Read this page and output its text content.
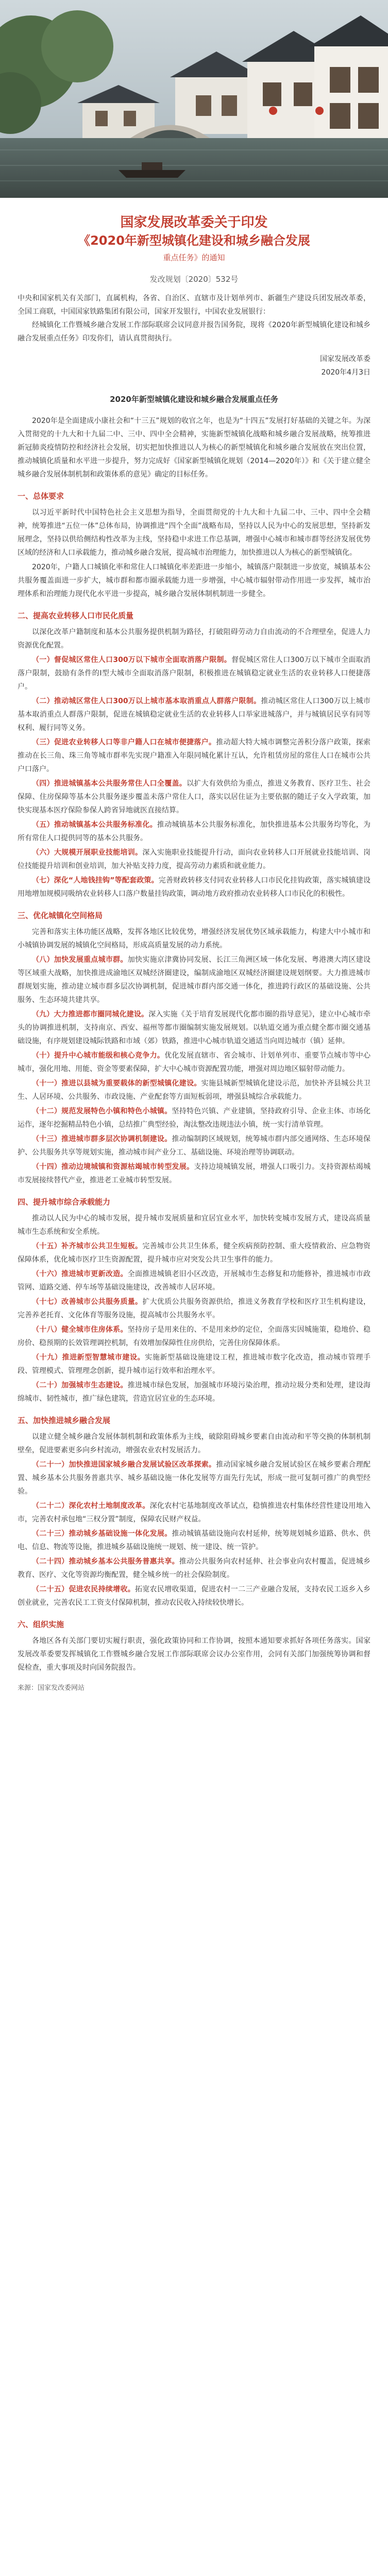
国家发展改革委关于印发
《2020年新型城镇化建设和城乡融合发展
重点任务》的通知
发改规划〔2020〕532号

中央和国家机关有关部门，直属机构，各省、自治区、直辖市及计划单列市、新疆生产建设兵团发展改革委，全国工商联，中国国家铁路集团有限公司，国家开发银行，中国农业发展银行：

经城镇化工作暨城乡融合发展工作部际联席会议同意并报告国务院，现将《2020年新型城镇化建设和城乡融合发展重点任务》印发你们，请认真贯彻执行。

国家发展改革委

2020年4月3日

2020年新型城镇化建设和城乡融合发展重点任务

2020年是全面建成小康社会和“十三五”规划的收官之年，也是为“十四五”发展打好基础的关键之年。为深入贯彻党的十九大和十九届二中、三中、四中全会精神，实施新型城镇化战略和城乡融合发展战略，统筹推进新冠肺炎疫情防控和经济社会发展，切实把加快推进以人为核心的新型城镇化和城乡融合发展放在突出位置，推动城镇化质量和水平进一步提升，努力完成好《国家新型城镇化规划（2014—2020年）》和《关于建立健全城乡融合发展体制机制和政策体系的意见》确定的目标任务。

一、总体要求

以习近平新时代中国特色社会主义思想为指导，全面贯彻党的十九大和十九届二中、三中、四中全会精神，统筹推进“五位一体”总体布局，协调推进“四个全面”战略布局，坚持以人民为中心的发展思想，坚持新发展理念，坚持以供给侧结构性改革为主线，坚持稳中求进工作总基调，增强中心城市和城市群等经济发展优势区域的经济和人口承载能力，推动城乡融合发展，提高城市治理能力，加快推进以人为核心的新型城镇化。

2020年，户籍人口城镇化率和常住人口城镇化率差距进一步缩小，城镇落户限制进一步放宽，城镇基本公共服务覆盖面进一步扩大，城市群和都市圈承载能力进一步增强，中心城市辐射带动作用进一步发挥，城市治理体系和治理能力现代化水平进一步提高，城乡融合发展体制机制进一步健全。

二、提高农业转移人口市民化质量

以深化改革户籍制度和基本公共服务提供机制为路径，打破阻碍劳动力自由流动的不合理壁垒，促进人力资源优化配置。

（一）督促城区常住人口300万以下城市全面取消落户限制。督促城区常住人口300万以下城市全面取消落户限制，鼓励有条件的I型大城市全面取消落户限制，积极推进在城镇稳定就业生活的农业转移人口便捷落户。

（二）推动城区常住人口300万以上城市基本取消重点人群落户限制。推动城区常住人口300万以上城市基本取消重点人群落户限制，促进在城镇稳定就业生活的农业转移人口举家进城落户，并与城镇居民享有同等权利、履行同等义务。

（三）促进农业转移人口等非户籍人口在城市便捷落户。推动超大特大城市调整完善积分落户政策，探索推动在长三角、珠三角等城市群率先实现户籍准入年限同城化累计互认，允许租赁房屋的常住人口在城市公共户口落户。

（四）推进城镇基本公共服务常住人口全覆盖。以扩大有效供给为重点，推进义务教育、医疗卫生、社会保障、住房保障等基本公共服务逐步覆盖未落户常住人口，落实以居住证为主要依据的随迁子女入学政策，加快实现基本医疗保险参保人跨省异地就医直接结算。

（五）推动城镇基本公共服务标准化。推动城镇基本公共服务标准化，加快推进基本公共服务均等化，为所有常住人口提供同等的基本公共服务。

（六）大规模开展职业技能培训。深入实施职业技能提升行动，面向农业转移人口开展就业技能培训、岗位技能提升培训和创业培训，加大补贴支持力度，提高劳动力素质和就业能力。

（七）深化“人地钱挂钩”等配套政策。完善财政转移支付同农业转移人口市民化挂钩政策，落实城镇建设用地增加规模同吸纳农业转移人口落户数量挂钩政策，调动地方政府推动农业转移人口市民化的积极性。

三、优化城镇化空间格局

完善和落实主体功能区战略，发挥各地区比较优势，增强经济发展优势区域承载能力，构建大中小城市和小城镇协调发展的城镇化空间格局，形成高质量发展的动力系统。

（八）加快发展重点城市群。加快实施京津冀协同发展、长江三角洲区域一体化发展、粤港澳大湾区建设等区域重大战略，加快推进成渝地区双城经济圈建设，编制成渝地区双城经济圈建设规划纲要。大力推进城市群规划实施，推动建立城市群多层次协调机制，促进城市群内部交通一体化，推进跨行政区的基础设施、公共服务、生态环境共建共享。

（九）大力推进都市圈同城化建设。深入实施《关于培育发展现代化都市圈的指导意见》，建立中心城市牵头的协调推进机制，支持南京、西安、福州等都市圈编制实施发展规划。以轨道交通为重点健全都市圈交通基础设施，有序规划建设城际铁路和市域（郊）铁路，推进中心城市轨道交通适当向周边城市（镇）延伸。

（十）提升中心城市能级和核心竞争力。优化发展直辖市、省会城市、计划单列市、重要节点城市等中心城市，强化用地、用能、资金等要素保障，扩大中心城市资源配置功能，增强对周边地区辐射带动能力。

（十一）推进以县城为重要载体的新型城镇化建设。实施县城新型城镇化建设示范，加快补齐县城公共卫生、人居环境、公共服务、市政设施、产业配套等方面短板弱项，增强县城综合承载能力。

（十二）规范发展特色小镇和特色小城镇。坚持特色兴镇、产业建镇，坚持政府引导、企业主体、市场化运作，逐年挖掘精品特色小镇，总结推广典型经验，淘汰整改违规违法小镇，统一实行清单管理。

（十三）推进城市群多层次协调机制建设。推动编制跨区域规划，统筹城市群内部交通网络、生态环境保护、公共服务共享等规划实施，推动城市间产业分工、基础设施、环境治理等协调联动。

（十四）推动边境城镇和资源枯竭城市转型发展。支持边境城镇发展，增强人口吸引力。支持资源枯竭城市发展接续替代产业，推进老工业城市转型发展。

四、提升城市综合承载能力

推动以人民为中心的城市发展，提升城市发展质量和宜居宜业水平，加快转变城市发展方式，建设高质量城市生态系统和安全系统。

（十五）补齐城市公共卫生短板。完善城市公共卫生体系，健全疾病预防控制、重大疫情救治、应急物资保障体系，优化城市医疗卫生资源配置，提升城市应对突发公共卫生事件的能力。

（十六）推进城市更新改造。全面推进城镇老旧小区改造，开展城市生态修复和功能修补，推进城市市政管网、道路交通、停车场等基础设施建设，改善城市人居环境。

（十七）改善城市公共服务质量。扩大优质公共服务资源供给，推进义务教育学校和医疗卫生机构建设，完善养老托育、文化体育等服务设施，提高城市公共服务水平。

（十八）健全城市住房体系。坚持房子是用来住的、不是用来炒的定位，全面落实因城施策，稳地价、稳房价、稳预期的长效管理调控机制，有效增加保障性住房供给，完善住房保障体系。

（十九）推进新型智慧城市建设。实施新型基础设施建设工程，推进城市数字化改造，推动城市管理手段、管理模式、管理理念创新，提升城市运行效率和治理水平。

（二十）加强城市生态建设。推进城市绿色发展，加强城市环境污染治理，推动垃圾分类和处理，建设海绵城市、韧性城市，推广绿色建筑，营造宜居宜业的生态环境。

五、加快推进城乡融合发展

以建立健全城乡融合发展体制机制和政策体系为主线，破除阻碍城乡要素自由流动和平等交换的体制机制壁垒，促进要素更多向乡村流动，增强农业农村发展活力。

（二十一）加快推进国家城乡融合发展试验区改革探索。推动国家城乡融合发展试验区在城乡要素合理配置、城乡基本公共服务普惠共享、城乡基础设施一体化发展等方面先行先试，形成一批可复制可推广的典型经验。

（二十二）深化农村土地制度改革。深化农村宅基地制度改革试点，稳慎推进农村集体经营性建设用地入市，完善农村承包地“三权分置”制度，保障农民财产权益。

（二十三）推动城乡基础设施一体化发展。推动城镇基础设施向农村延伸，统筹规划城乡道路、供水、供电、信息、物流等设施，推进城乡基础设施统一规划、统一建设、统一管护。

（二十四）推动城乡基本公共服务普惠共享。推动公共服务向农村延伸、社会事业向农村覆盖，促进城乡教育、医疗、文化等资源均衡配置，健全城乡统一的社会保险制度。

（二十五）促进农民持续增收。拓宽农民增收渠道，促进农村一二三产业融合发展，支持农民工返乡入乡创业就业，完善农民工工资支付保障机制，推动农民收入持续较快增长。

六、组织实施

各地区各有关部门要切实履行职责，强化政策协同和工作协调，按照本通知要求抓好各项任务落实。国家发展改革委要发挥城镇化工作暨城乡融合发展工作部际联席会议办公室作用，会同有关部门加强统筹协调和督促检查，重大事项及时向国务院报告。

来源：国家发改委网站
